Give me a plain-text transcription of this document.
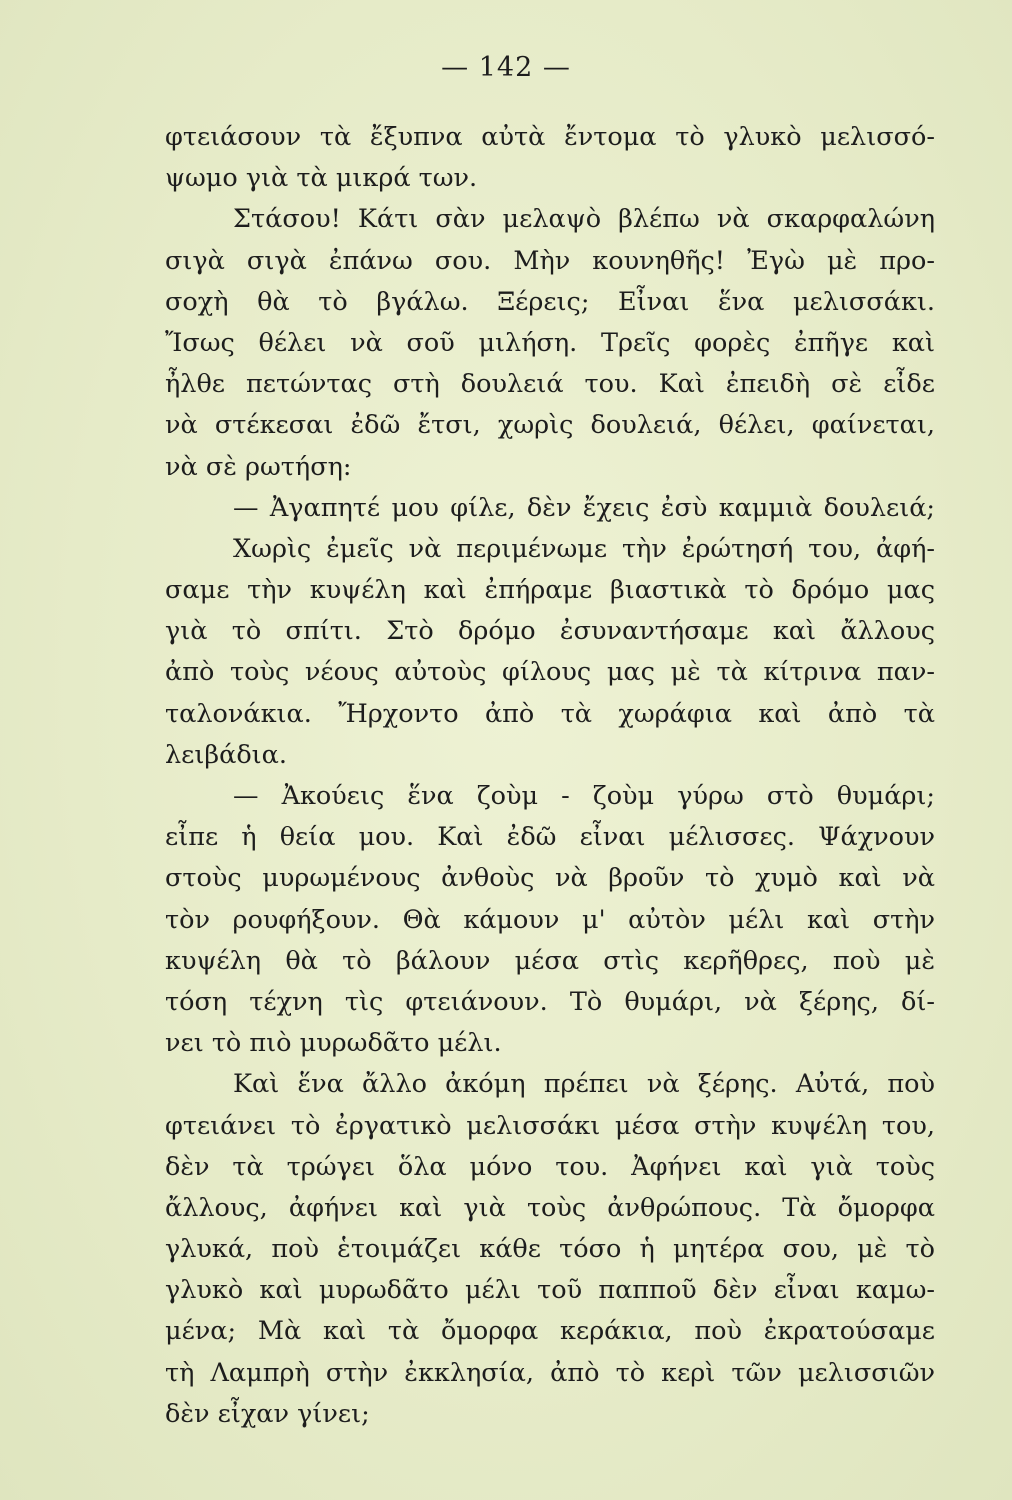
— 142 —
φτειάσουν τὰ ἔξυπνα αὐτὰ ἔντομα τὸ γλυκὸ μελισσό-
ψωμο γιὰ τὰ μικρά των.
Στάσου! Κάτι σὰν μελαψὸ βλέπω νὰ σκαρφαλώνη
σιγὰ σιγὰ ἐπάνω σου. Μὴν κουνηθῆς! Ἐγὼ μὲ προ-
σοχὴ θὰ τὸ βγάλω. Ξέρεις; Εἶναι ἕνα μελισσάκι.
Ἴσως θέλει νὰ σοῦ μιλήση. Τρεῖς φορὲς ἐπῆγε καὶ
ἦλθε πετώντας στὴ δουλειά του. Καὶ ἐπειδὴ σὲ εἶδε
νὰ στέκεσαι ἐδῶ ἔτσι, χωρὶς δουλειά, θέλει, φαίνεται,
νὰ σὲ ρωτήση:
— Ἀγαπητέ μου φίλε, δὲν ἔχεις ἐσὺ καμμιὰ δουλειά;
Χωρὶς ἐμεῖς νὰ περιμένωμε τὴν ἐρώτησή του, ἀφή-
σαμε τὴν κυψέλη καὶ ἐπήραμε βιαστικὰ τὸ δρόμο μας
γιὰ τὸ σπίτι. Στὸ δρόμο ἐσυναντήσαμε καὶ ἄλλους
ἀπὸ τοὺς νέους αὐτοὺς φίλους μας μὲ τὰ κίτρινα παν-
ταλονάκια. Ἤρχοντο ἀπὸ τὰ χωράφια καὶ ἀπὸ τὰ
λειβάδια.
— Ἀκούεις ἕνα ζοὺμ - ζοὺμ γύρω στὸ θυμάρι;
εἶπε ἡ θεία μου. Καὶ ἐδῶ εἶναι μέλισσες. Ψάχνουν
στοὺς μυρωμένους ἀνθοὺς νὰ βροῦν τὸ χυμὸ καὶ νὰ
τὸν ρουφήξουν. Θὰ κάμουν μ' αὐτὸν μέλι καὶ στὴν
κυψέλη θὰ τὸ βάλουν μέσα στὶς κερῆθρες, ποὺ μὲ
τόση τέχνη τὶς φτειάνουν. Τὸ θυμάρι, νὰ ξέρης, δί-
νει τὸ πιὸ μυρωδᾶτο μέλι.
Καὶ ἕνα ἄλλο ἀκόμη πρέπει νὰ ξέρης. Αὐτά, ποὺ
φτειάνει τὸ ἐργατικὸ μελισσάκι μέσα στὴν κυψέλη του,
δὲν τὰ τρώγει ὅλα μόνο του. Ἀφήνει καὶ γιὰ τοὺς
ἄλλους, ἀφήνει καὶ γιὰ τοὺς ἀνθρώπους. Τὰ ὄμορφα
γλυκά, ποὺ ἑτοιμάζει κάθε τόσο ἡ μητέρα σου, μὲ τὸ
γλυκὸ καὶ μυρωδᾶτο μέλι τοῦ παπποῦ δὲν εἶναι καμω-
μένα; Μὰ καὶ τὰ ὄμορφα κεράκια, ποὺ ἐκρατούσαμε
τὴ Λαμπρὴ στὴν ἐκκλησία, ἀπὸ τὸ κερὶ τῶν μελισσιῶν
δὲν εἶχαν γίνει;
